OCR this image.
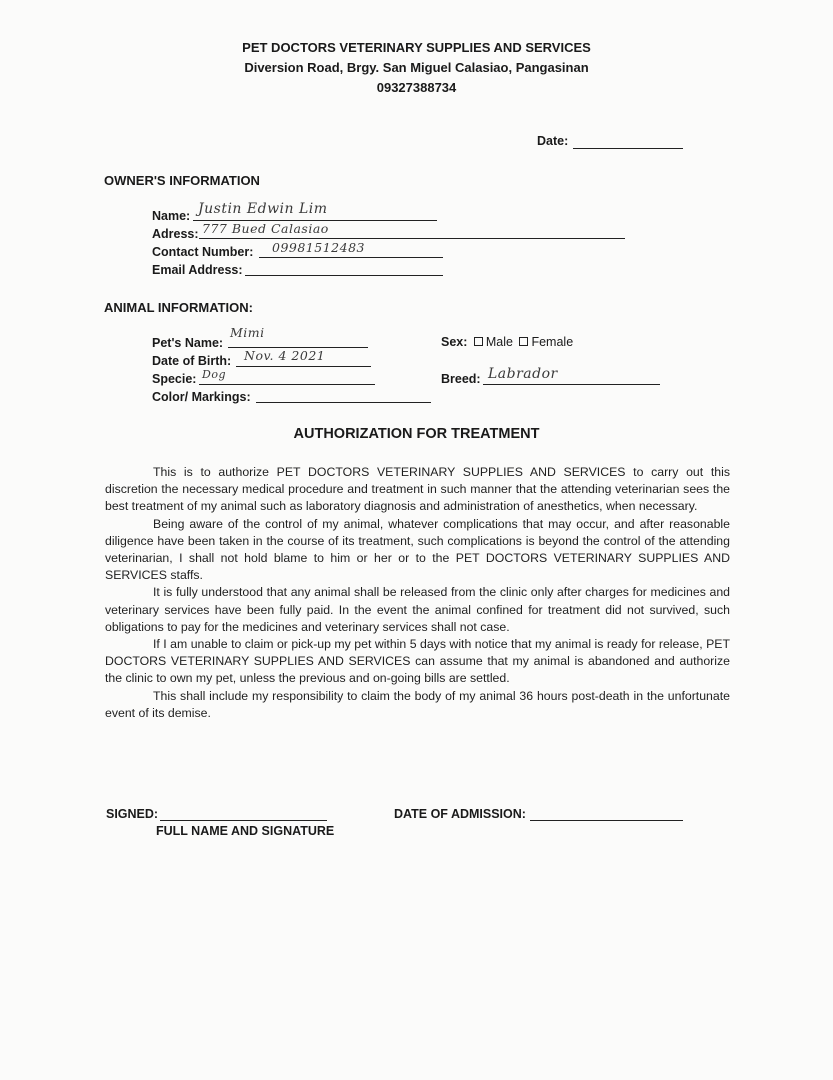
PET DOCTORS VETERINARY SUPPLIES AND SERVICES
Diversion Road, Brgy. San Miguel Calasiao, Pangasinan
09327388734
Date:
OWNER'S INFORMATION
Name: Justin Edwin Lim
Adress: 777 Bued Calasiao
Contact Number: 09981512483
Email Address:
ANIMAL INFORMATION:
Pet's Name:
Mimi
Date of Birth: Nov. 4 2021
Specie: Dog
Color/ Markings:
Sex: Male Female
Breed: Labrador
AUTHORIZATION FOR TREATMENT

This is to authorize PET DOCTORS VETERINARY SUPPLIES AND SERVICES to carry out this discretion the necessary medical procedure and treatment in such manner that the attending veterinarian sees the best treatment of my animal such as laboratory diagnosis and administration of anesthetics, when necessary.

Being aware of the control of my animal, whatever complications that may occur, and after reasonable diligence have been taken in the course of its treatment, such complications is beyond the control of the attending veterinarian, I shall not hold blame to him or her or to the PET DOCTORS VETERINARY SUPPLIES AND SERVICES staffs.

It is fully understood that any animal shall be released from the clinic only after charges for medicines and veterinary services have been fully paid. In the event the animal confined for treatment did not survived, such obligations to pay for the medicines and veterinary services shall not case.

If I am unable to claim or pick-up my pet within 5 days with notice that my animal is ready for release, PET DOCTORS VETERINARY SUPPLIES AND SERVICES can assume that my animal is abandoned and authorize the clinic to own my pet, unless the previous and on-going bills are settled.

This shall include my responsibility to claim the body of my animal 36 hours post-death in the unfortunate event of its demise.

SIGNED:
FULL NAME AND SIGNATURE
DATE OF ADMISSION:
